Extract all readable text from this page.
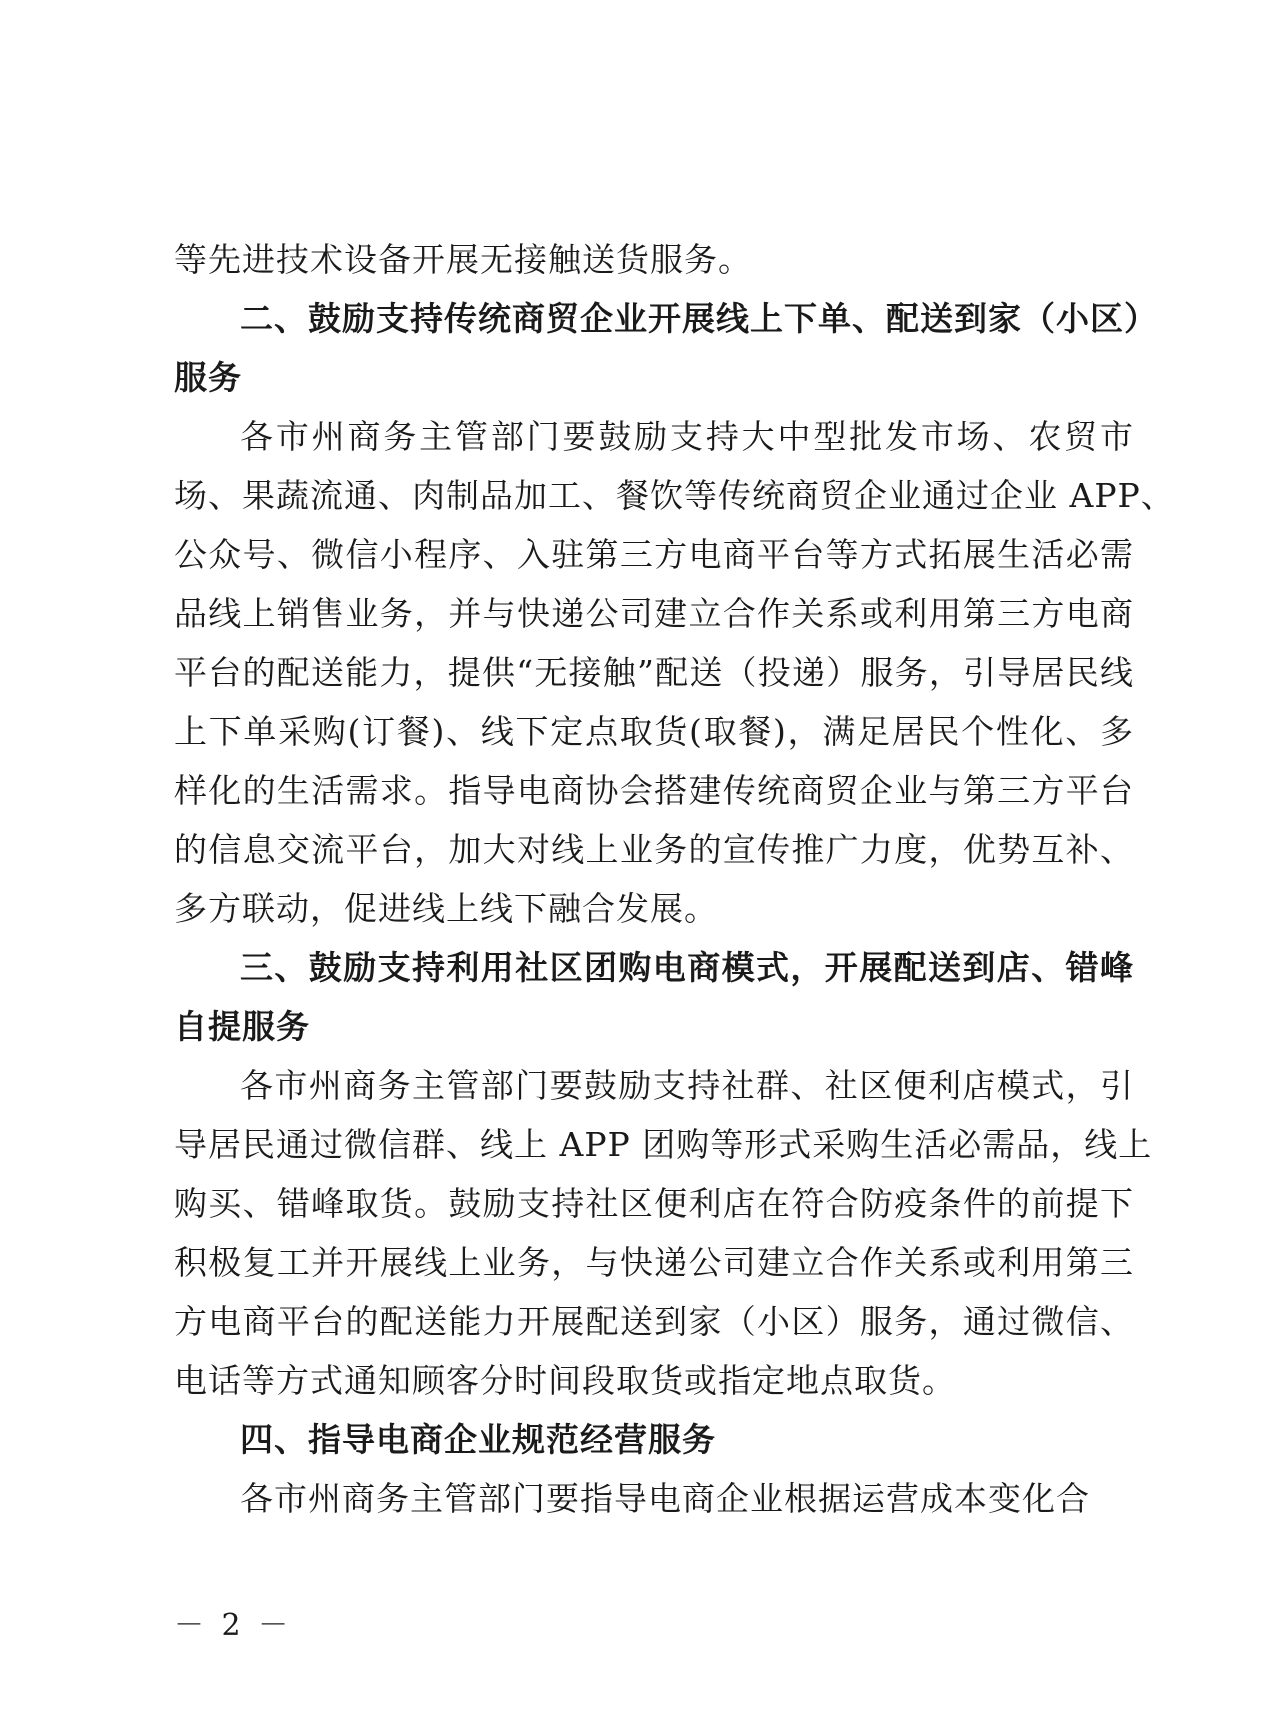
等先进技术设备开展无接触送货服务。
二、鼓励支持传统商贸企业开展线上下单、配送到家（小区）
服务
各市州商务主管部门要鼓励支持大中型批发市场、农贸市
场、果蔬流通、肉制品加工、餐饮等传统商贸企业通过企业 APP、
公众号、微信小程序、入驻第三方电商平台等方式拓展生活必需
品线上销售业务，并与快递公司建立合作关系或利用第三方电商
平台的配送能力，提供“无接触”配送（投递）服务，引导居民线
上下单采购(订餐)、线下定点取货(取餐)，满足居民个性化、多
样化的生活需求。指导电商协会搭建传统商贸企业与第三方平台
的信息交流平台，加大对线上业务的宣传推广力度，优势互补、
多方联动，促进线上线下融合发展。
三、鼓励支持利用社区团购电商模式，开展配送到店、错峰
自提服务
各市州商务主管部门要鼓励支持社群、社区便利店模式，引
导居民通过微信群、线上 APP 团购等形式采购生活必需品，线上
购买、错峰取货。鼓励支持社区便利店在符合防疫条件的前提下
积极复工并开展线上业务，与快递公司建立合作关系或利用第三
方电商平台的配送能力开展配送到家（小区）服务，通过微信、
电话等方式通知顾客分时间段取货或指定地点取货。
四、指导电商企业规范经营服务
各市州商务主管部门要指导电商企业根据运营成本变化合
－ 2 －
